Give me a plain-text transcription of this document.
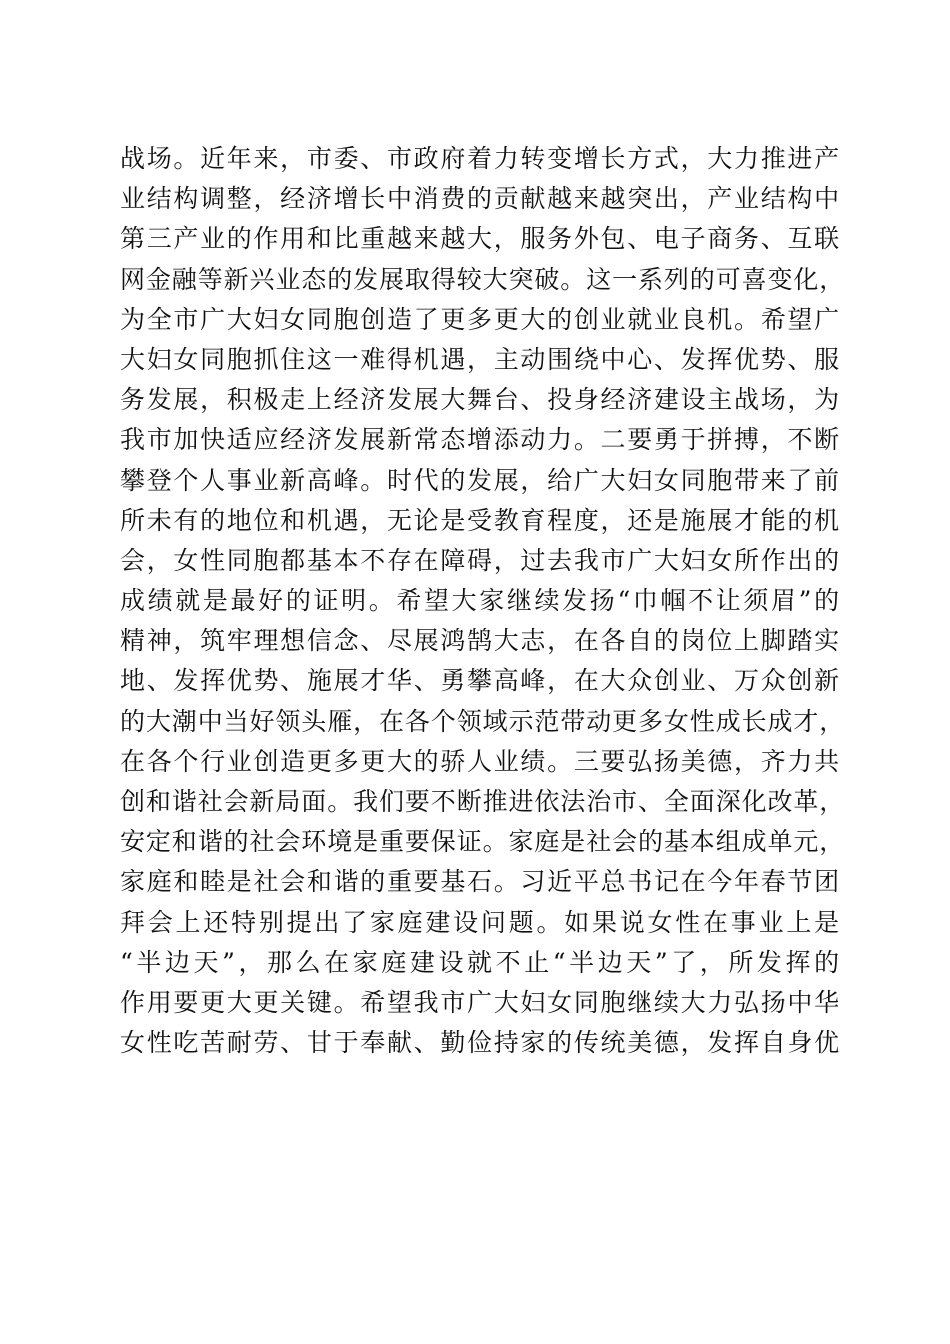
战场。近年来，市委、市政府着力转变增长方式，大力推进产
业结构调整，经济增长中消费的贡献越来越突出，产业结构中
第三产业的作用和比重越来越大，服务外包、电子商务、互联
网金融等新兴业态的发展取得较大突破。这一系列的可喜变化，
为全市广大妇女同胞创造了更多更大的创业就业良机。希望广
大妇女同胞抓住这一难得机遇，主动围绕中心、发挥优势、服
务发展，积极走上经济发展大舞台、投身经济建设主战场，为
我市加快适应经济发展新常态增添动力。二要勇于拼搏，不断
攀登个人事业新高峰。时代的发展，给广大妇女同胞带来了前
所未有的地位和机遇，无论是受教育程度，还是施展才能的机
会，女性同胞都基本不存在障碍，过去我市广大妇女所作出的
成绩就是最好的证明。希望大家继续发扬“巾帼不让须眉”的
精神，筑牢理想信念、尽展鸿鹄大志，在各自的岗位上脚踏实
地、发挥优势、施展才华、勇攀高峰，在大众创业、万众创新
的大潮中当好领头雁，在各个领域示范带动更多女性成长成才，
在各个行业创造更多更大的骄人业绩。三要弘扬美德，齐力共
创和谐社会新局面。我们要不断推进依法治市、全面深化改革，
安定和谐的社会环境是重要保证。家庭是社会的基本组成单元，
家庭和睦是社会和谐的重要基石。习近平总书记在今年春节团
拜会上还特别提出了家庭建设问题。如果说女性在事业上是
“半边天”，那么在家庭建设就不止“半边天”了，所发挥的
作用要更大更关键。希望我市广大妇女同胞继续大力弘扬中华
女性吃苦耐劳、甘于奉献、勤俭持家的传统美德，发挥自身优
